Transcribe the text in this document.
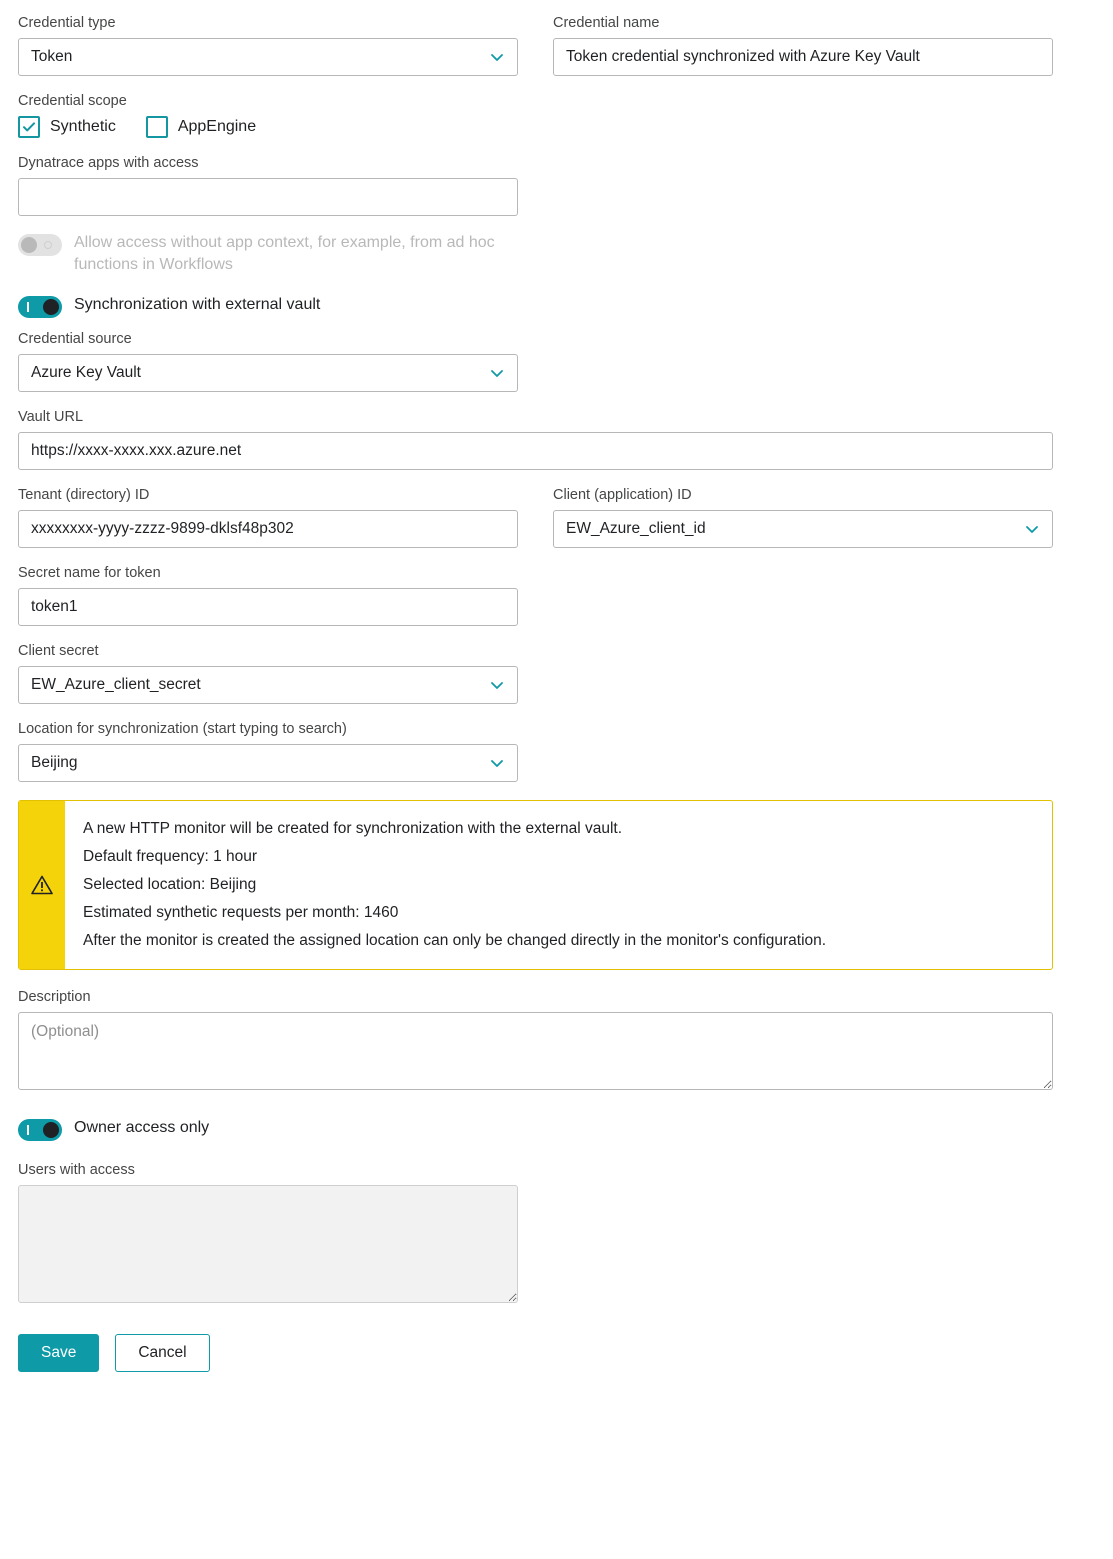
Credential type
Token
Credential name
Token credential synchronized with Azure Key Vault
Credential scope
Synthetic	AppEngine
Dynatrace apps with access
Allow access without app context, for example, from ad hoc functions in Workflows
Synchronization with external vault
Credential source
Azure Key Vault
Vault URL
https://xxxx-xxxx.xxx.azure.net
Tenant (directory) ID
xxxxxxxx-yyyy-zzzz-9899-dklsf48p302
Client (application) ID
EW_Azure_client_id
Secret name for token
token1
Client secret
EW_Azure_client_secret
Location for synchronization (start typing to search)
Beijing
A new HTTP monitor will be created for synchronization with the external vault.
Default frequency: 1 hour
Selected location: Beijing
Estimated synthetic requests per month: 1460
After the monitor is created the assigned location can only be changed directly in the monitor's configuration.
Description
(Optional)
Owner access only
Users with access
Save	Cancel
